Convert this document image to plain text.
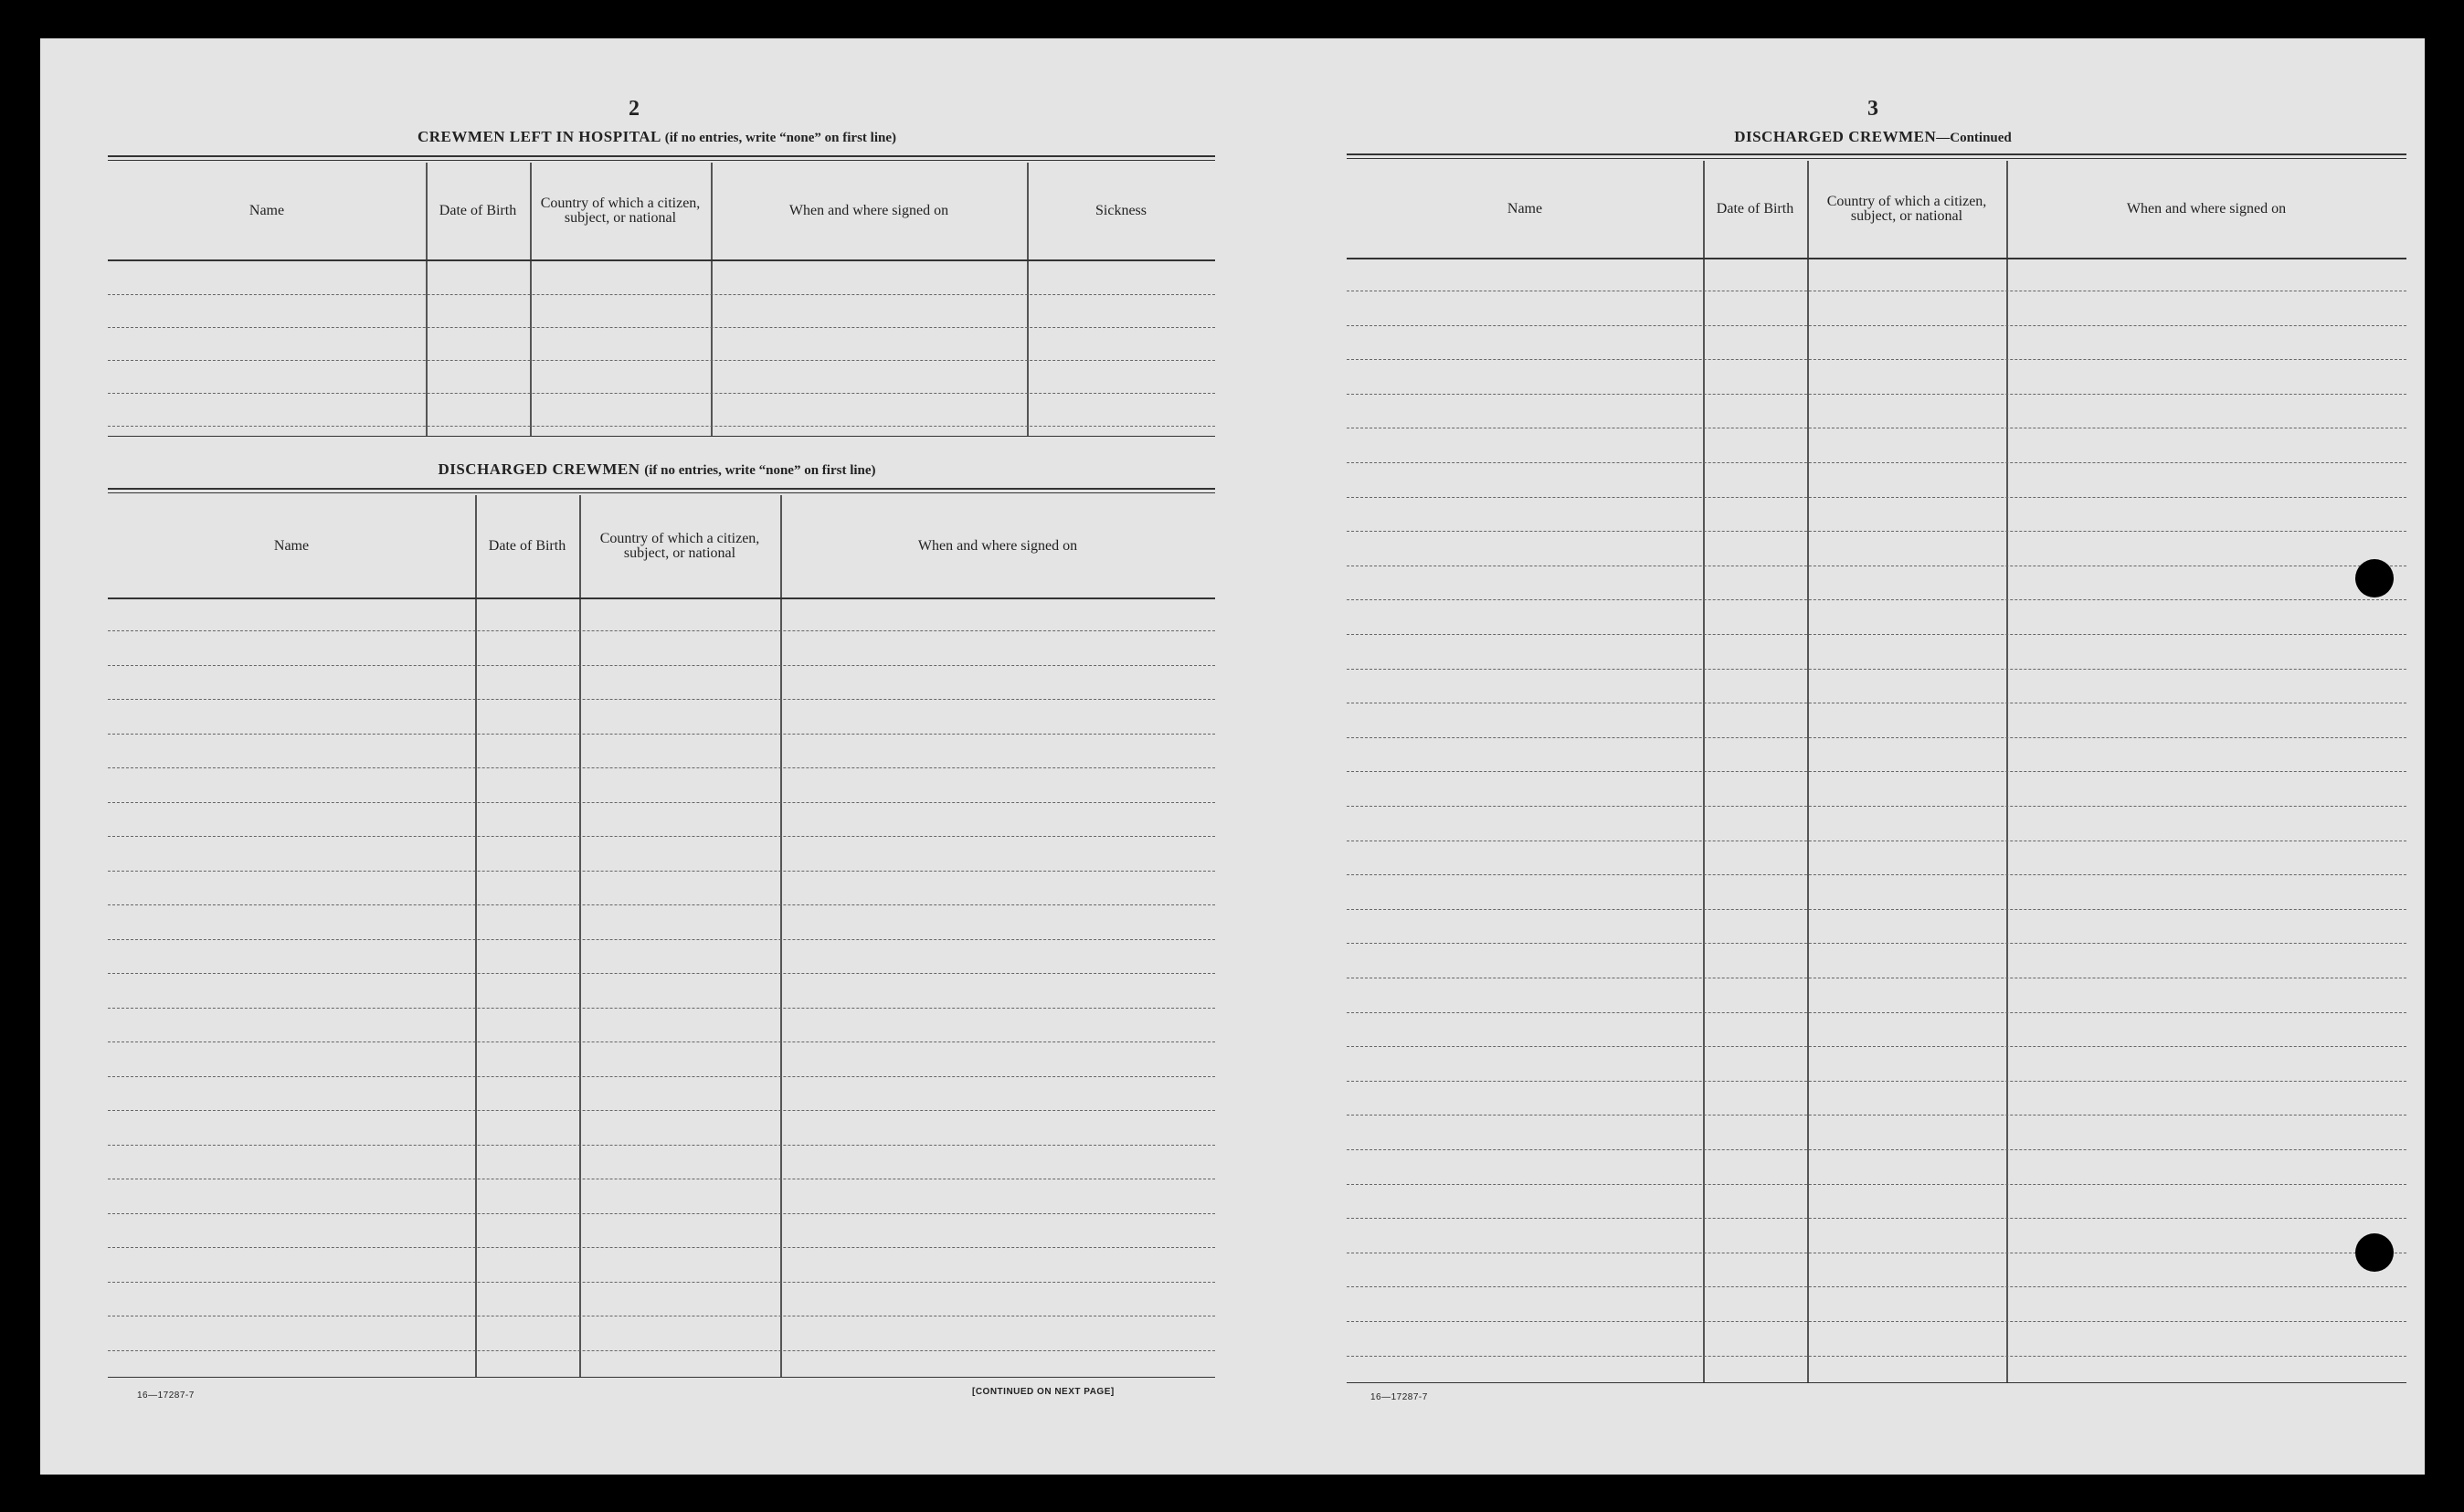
2
CREWMEN LEFT IN HOSPITAL (if no entries, write “none” on first line)
Name	Date of Birth	Country of which a citizen, subject, or national	When and where signed on	Sickness
DISCHARGED CREWMEN (if no entries, write “none” on first line)
Name	Date of Birth	Country of which a citizen, subject, or national	When and where signed on
16—17287-7	[CONTINUED ON NEXT PAGE]
3
DISCHARGED CREWMEN—Continued
Name	Date of Birth	Country of which a citizen, subject, or national	When and where signed on
16—17287-7
